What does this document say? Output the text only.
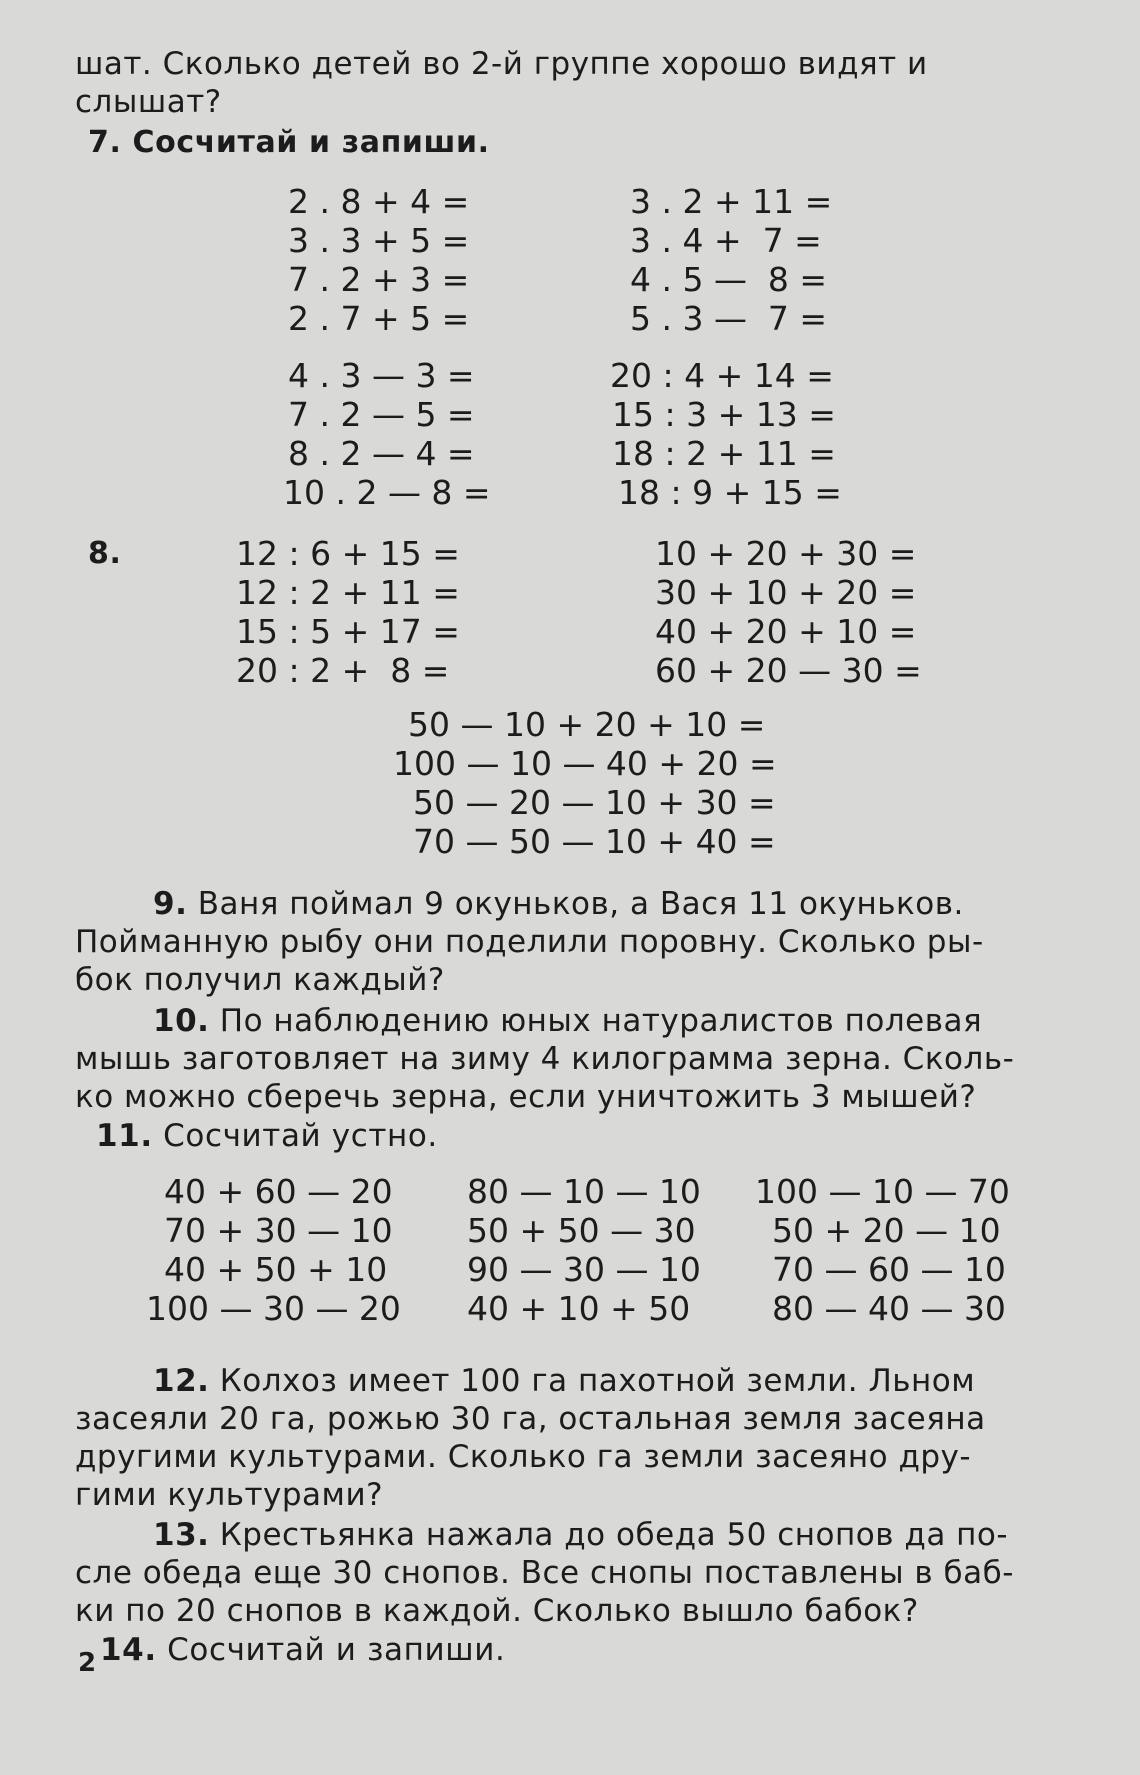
шат. Сколько детей во 2-й группе хорошо видят и
слышат?
7. Сосчитай и запиши.
2 . 8 + 4 =
3 . 3 + 5 =
7 . 2 + 3 =
2 . 7 + 5 =
4 . 3 — 3 =
7 . 2 — 5 =
8 . 2 — 4 =
10 . 2 — 8 =
3 . 2 + 11 =
3 . 4 +  7 =
4 . 5 —  8 =
5 . 3 —  7 =
20 : 4 + 14 =
15 : 3 + 13 =
18 : 2 + 11 =
18 : 9 + 15 =
8.	12 : 6 + 15 =
12 : 2 + 11 =
15 : 5 + 17 =
20 : 2 +  8 =
10 + 20 + 30 =
30 + 10 + 20 =
40 + 20 + 10 =
60 + 20 — 30 =
50 — 10 + 20 + 10 =
100 — 10 — 40 + 20 =
50 — 20 — 10 + 30 =
70 — 50 — 10 + 40 =
9. Ваня поймал 9 окуньков, а Вася 11 окуньков.
Пойманную рыбу они поделили поровну. Сколько ры-
бок получил каждый?
10. По наблюдению юных натуралистов полевая
мышь заготовляет на зиму 4 килограмма зерна. Сколь-
ко можно сберечь зерна, если уничтожить 3 мышей?
11. Сосчитай устно.
40 + 60 — 20
70 + 30 — 10
40 + 50 + 10
100 — 30 — 20
80 — 10 — 10
50 + 50 — 30
90 — 30 — 10
40 + 10 + 50
100 — 10 — 70
50 + 20 — 10
70 — 60 — 10
80 — 40 — 30
12. Колхоз имеет 100 га пахотной земли. Льном
засеяли 20 га, рожью 30 га, остальная земля засеяна
другими культурами. Сколько га земли засеяно дру-
гими культурами?
13. Крестьянка нажала до обеда 50 снопов да по-
сле обеда еще 30 снопов. Все снопы поставлены в баб-
ки по 20 снопов в каждой. Сколько вышло бабок?
14. Сосчитай и запиши.
2
